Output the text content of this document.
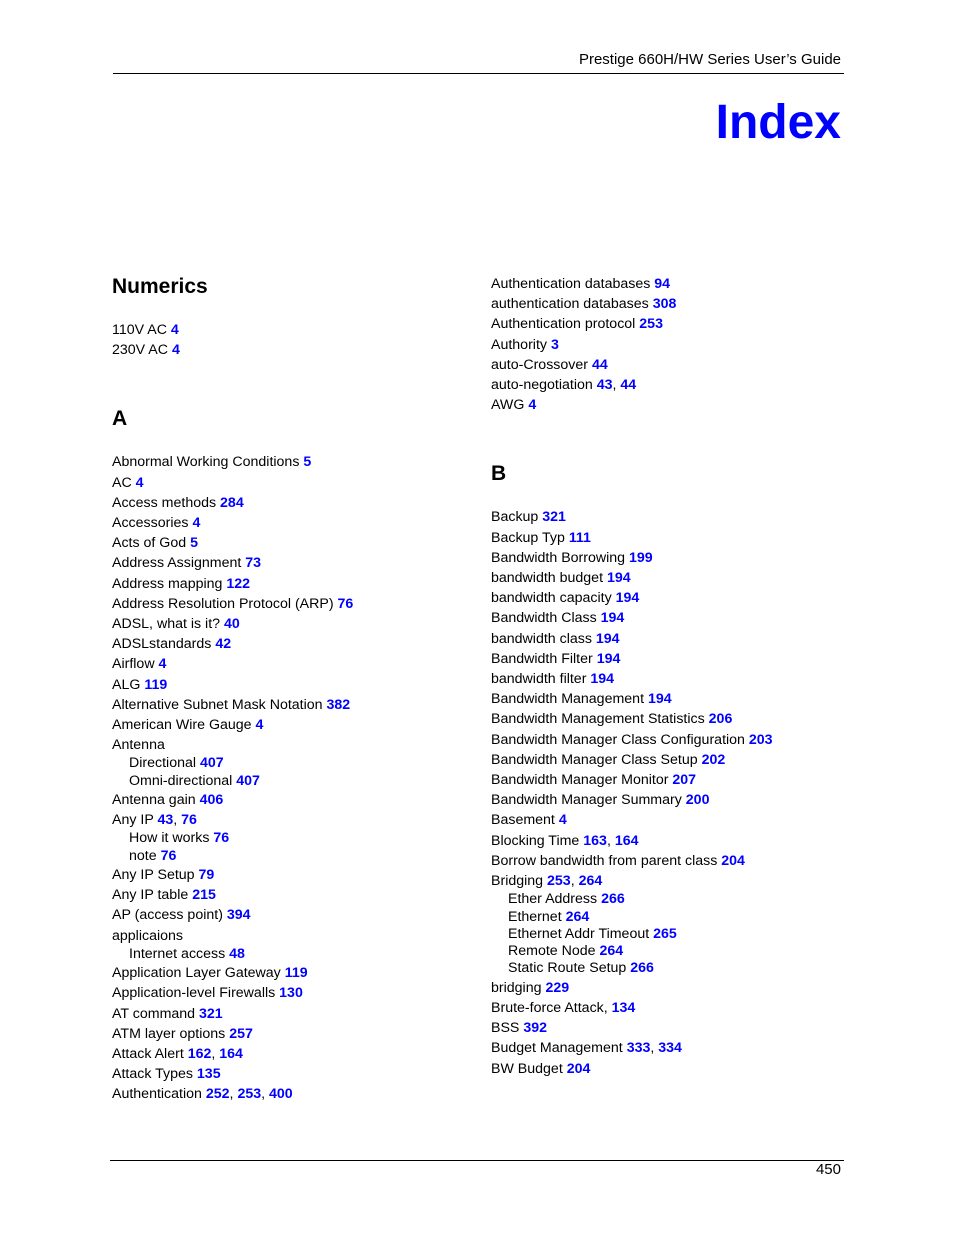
Prestige 660H/HW Series User’s Guide
Index
Numerics
110V AC 4
230V AC 4
A
Abnormal Working Conditions 5
AC 4
Access methods 284
Accessories 4
Acts of God 5
Address Assignment 73
Address mapping 122
Address Resolution Protocol (ARP) 76
ADSL, what is it? 40
ADSLstandards 42
Airflow 4
ALG 119
Alternative Subnet Mask Notation 382
American Wire Gauge 4
Antenna
Directional 407
Omni-directional 407
Antenna gain 406
Any IP 43, 76
How it works 76
note 76
Any IP Setup 79
Any IP table 215
AP (access point) 394
applicaions
Internet access 48
Application Layer Gateway 119
Application-level Firewalls 130
AT command 321
ATM layer options 257
Attack Alert 162, 164
Attack Types 135
Authentication 252, 253, 400
Authentication databases 94
authentication databases 308
Authentication protocol 253
Authority 3
auto-Crossover 44
auto-negotiation 43, 44
AWG 4
B
Backup 321
Backup Typ 111
Bandwidth Borrowing 199
bandwidth budget 194
bandwidth capacity 194
Bandwidth Class 194
bandwidth class 194
Bandwidth Filter 194
bandwidth filter 194
Bandwidth Management 194
Bandwidth Management Statistics 206
Bandwidth Manager Class Configuration 203
Bandwidth Manager Class Setup 202
Bandwidth Manager Monitor 207
Bandwidth Manager Summary 200
Basement 4
Blocking Time 163, 164
Borrow bandwidth from parent class 204
Bridging 253, 264
Ether Address 266
Ethernet 264
Ethernet Addr Timeout 265
Remote Node 264
Static Route Setup 266
bridging 229
Brute-force Attack, 134
BSS 392
Budget Management 333, 334
BW Budget 204
450
